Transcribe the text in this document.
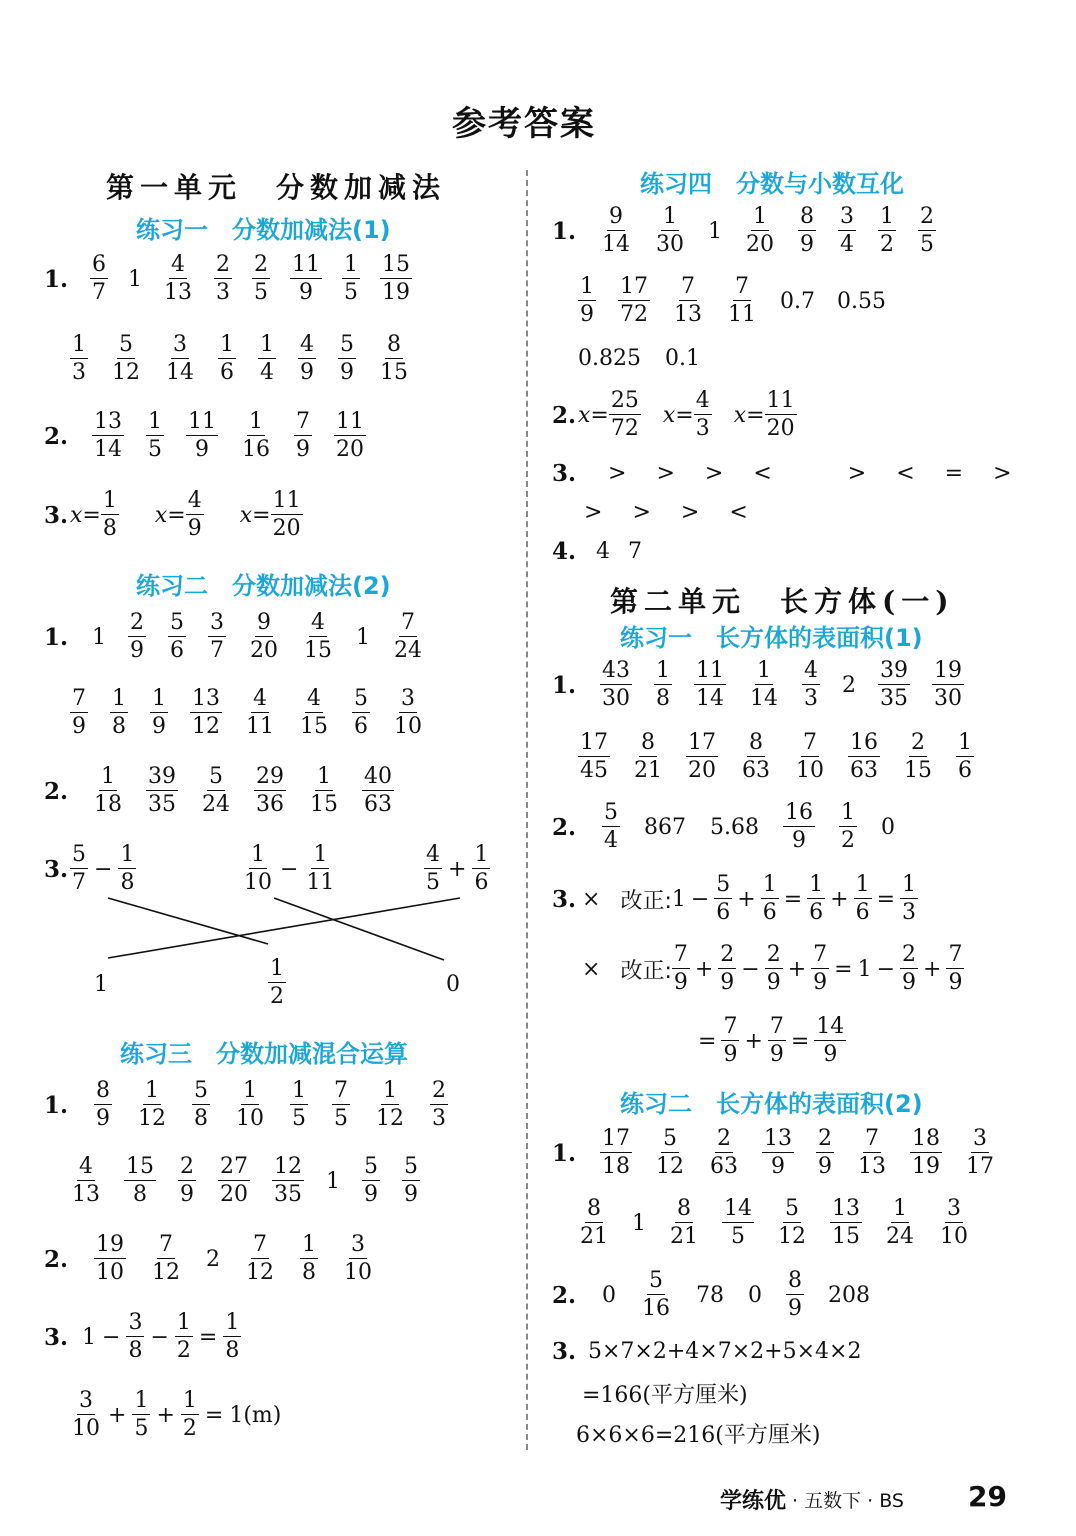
参考答案
第一单元　分数加减法
练习一　分数加减法(1)
1. $\frac{6}{7} 1 \frac{4}{13} \frac{2}{3} \frac{2}{5} \frac{11}{9} \frac{1}{5} \frac{15}{19}$
$\frac{1}{3} \frac{5}{12} \frac{3}{14} \frac{1}{6} \frac{1}{4} \frac{4}{9} \frac{5}{9} \frac{8}{15}$
2. $\frac{13}{14} \frac{1}{5} \frac{11}{9} \frac{1}{16} \frac{7}{9} \frac{11}{20}$
3. $x = \frac{1}{8}$ $x = \frac{4}{9}$ $x = \frac{11}{20}$
练习二　分数加减法(2)
1. $1 \frac{2}{9} \frac{5}{6} \frac{3}{7} \frac{9}{20} \frac{4}{15} 1 \frac{7}{24}$
$\frac{7}{9} \frac{1}{8} \frac{1}{9} \frac{13}{12} \frac{4}{11} \frac{4}{15} \frac{5}{6} \frac{3}{10}$
2. $\frac{1}{18} \frac{39}{35} \frac{5}{24} \frac{29}{36} \frac{1}{15} \frac{40}{63}$
3. $\frac{5}{7} - \frac{1}{8}$	$\frac{1}{10} - \frac{1}{11}$	$\frac{4}{5} + \frac{1}{6}$
1	$\frac{1}{2}$	0
练习三　分数加减混合运算
1. $\frac{8}{9} \frac{1}{12} \frac{5}{8} \frac{1}{10} \frac{1}{5} \frac{7}{5} \frac{1}{12} \frac{2}{3}$
$\frac{4}{13} \frac{15}{8} \frac{2}{9} \frac{27}{20} \frac{12}{35} 1 \frac{5}{9} \frac{5}{9}$
2. $\frac{19}{10} \frac{7}{12} 2 \frac{7}{12} \frac{1}{8} \frac{3}{10}$
3. $1 - \frac{3}{8} - \frac{1}{2} = \frac{1}{8}$
$\frac{3}{10} + \frac{1}{5} + \frac{1}{2} = 1$ (m)
练习四　分数与小数互化
1. $\frac{9}{14} \frac{1}{30} 1 \frac{1}{20} \frac{8}{9} \frac{3}{4} \frac{1}{2} \frac{2}{5}$
$\frac{1}{9} \frac{17}{72} \frac{7}{13} \frac{7}{11} 0.7$ 0.55
0.825 0.1
2. $x = \frac{25}{72}$ $x = \frac{4}{3}$ $x = \frac{11}{20}$
3. > > > <	> < = >
> > > <
4. 4 7
第二单元　长方体(一)
练习一　长方体的表面积(1)
1. $\frac{43}{30} \frac{1}{8} \frac{11}{14} \frac{1}{14} \frac{4}{3} 2 \frac{39}{35} \frac{19}{30}$
$\frac{17}{45} \frac{8}{21} \frac{17}{20} \frac{8}{63} \frac{7}{10} \frac{16}{63} \frac{2}{15} \frac{1}{6}$
2. $\frac{5}{4} 867$ $5.68 \frac{16}{9} \frac{1}{2} 0$
3. × 改正: $1 - \frac{5}{6} + \frac{1}{6} = \frac{1}{6} + \frac{1}{6} = \frac{1}{3}$
× 改正: $\frac{7}{9} + \frac{2}{9} - \frac{2}{9} + \frac{7}{9} = 1 - \frac{2}{9} + \frac{7}{9}$
= $\frac{7}{9} + \frac{7}{9} = \frac{14}{9}$
练习二　长方体的表面积(2)
1. $\frac{17}{18} \frac{5}{12} \frac{2}{63} \frac{13}{9} \frac{2}{9} \frac{7}{13} \frac{18}{19} \frac{3}{17}$
$\frac{8}{21} 1 \frac{8}{21} \frac{14}{5} \frac{5}{12} \frac{13}{15} \frac{1}{24} \frac{3}{10}$
2. $0 \frac{5}{16} 78$ $0 \frac{8}{9} 208$
3. 5×7×2+4×7×2+5×4×2
=166(平方厘米)
6×6×6=216(平方厘米)
学练优 · 五数下 · BS 29
